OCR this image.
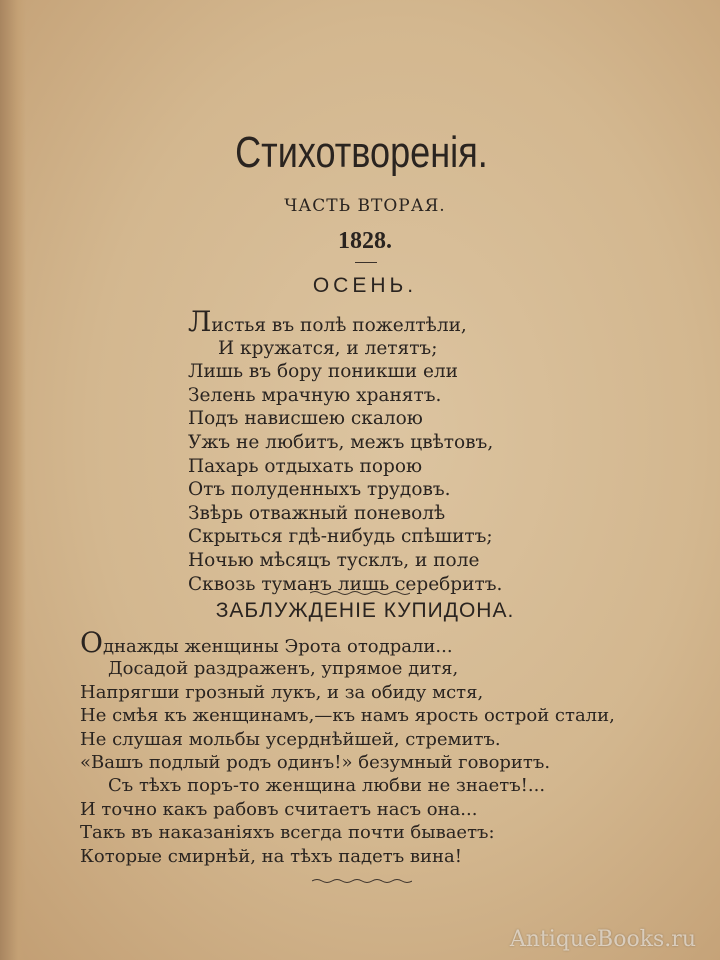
Стихотворенія.
ЧАСТЬ ВТОРАЯ.
1828.
ОСЕНЬ.
Листья въ полѣ пожелтѣли,
И кружатся, и летятъ;
Лишь въ бору поникши ели
Зелень мрачную хранятъ.
Подъ нависшею скалою
Ужъ не любитъ, межъ цвѣтовъ,
Пахарь отдыхать порою
Отъ полуденныхъ трудовъ.
Звѣрь отважный поневолѣ
Скрыться гдѣ-нибудь спѣшитъ;
Ночью мѣсяцъ тусклъ, и поле
Сквозь туманъ лишь серебритъ.
ЗАБЛУЖДЕНІЕ КУПИДОНА.
Однажды женщины Эрота отодрали...
Досадой раздраженъ, упрямое дитя,
Напрягши грозный лукъ, и за обиду мстя,
Не смѣя къ женщинамъ,—къ намъ ярость острой стали,
Не слушая мольбы усерднѣйшей, стремитъ.
«Вашъ подлый родъ одинъ!» безумный говоритъ.
Съ тѣхъ поръ-то женщина любви не знаетъ!...
И точно какъ рабовъ считаетъ насъ она...
Такъ въ наказаніяхъ всегда почти бываетъ:
Которые смирнѣй, на тѣхъ падетъ вина!
AntiqueBooks.ru
